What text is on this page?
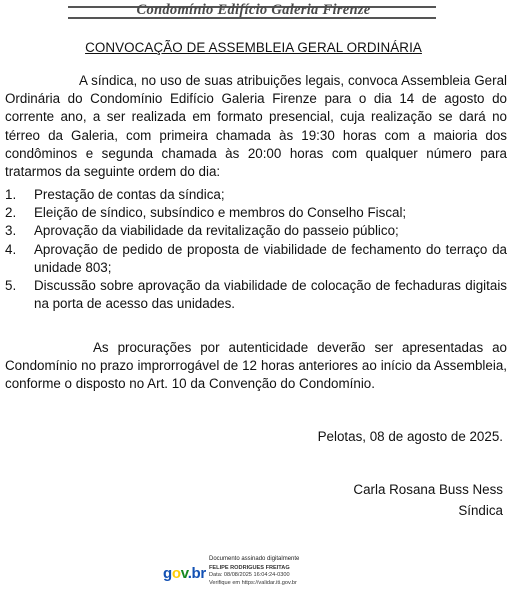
Condomínio Edifício Galeria Firenze
CONVOCAÇÃO DE ASSEMBLEIA GERAL ORDINÁRIA
A síndica, no uso de suas atribuições legais, convoca Assembleia Geral Ordinária do Condomínio Edifício Galeria Firenze para o dia 14 de agosto do corrente ano, a ser realizada em formato presencial, cuja realização se dará no térreo da Galeria, com primeira chamada às 19:30 horas com a maioria dos condôminos e segunda chamada às 20:00 horas com qualquer número para tratarmos da seguinte ordem do dia:
1. Prestação de contas da síndica;
2. Eleição de síndico, subsíndico e membros do Conselho Fiscal;
3. Aprovação da viabilidade da revitalização do passeio público;
4. Aprovação de pedido de proposta de viabilidade de fechamento do terraço da unidade 803;
5. Discussão sobre aprovação da viabilidade de colocação de fechaduras digitais na porta de acesso das unidades.
As procurações por autenticidade deverão ser apresentadas ao Condomínio no prazo improrrogável de 12 horas anteriores ao início da Assembleia, conforme o disposto no Art. 10 da Convenção do Condomínio.
Pelotas, 08 de agosto de 2025.
Carla Rosana Buss Ness
Síndica
gov.br
Documento assinado digitalmente
FELIPE RODRIGUES FREITAG
Data: 08/08/2025 16:04:24-0300
Verifique em https://validar.iti.gov.br
